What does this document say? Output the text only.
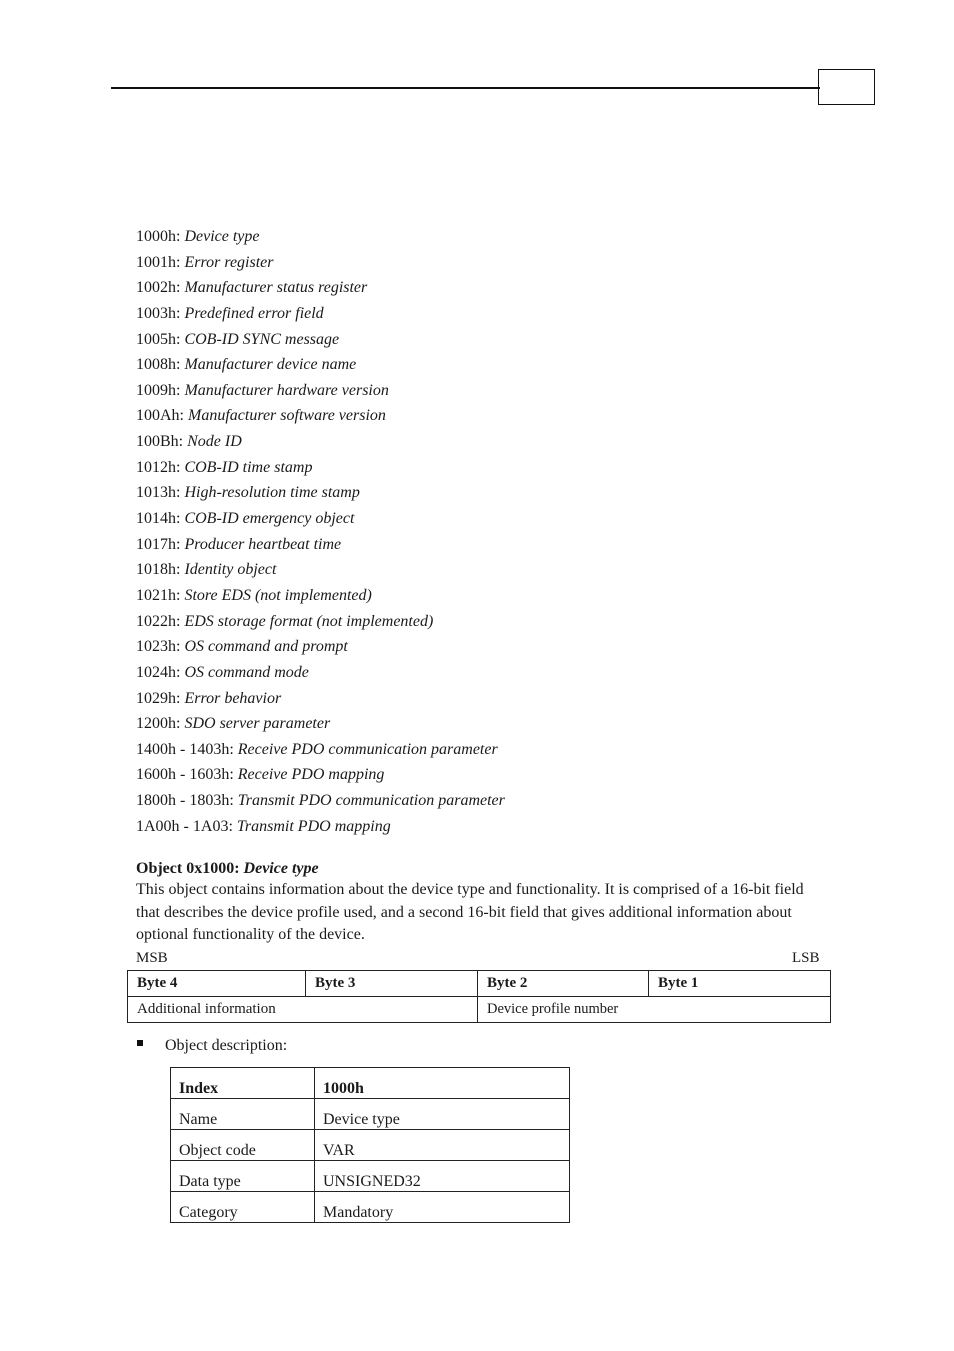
1000h: Device type
1001h: Error register
1002h: Manufacturer status register
1003h: Predefined error field
1005h: COB-ID SYNC message
1008h: Manufacturer device name
1009h: Manufacturer hardware version
100Ah: Manufacturer software version
100Bh: Node ID
1012h: COB-ID time stamp
1013h: High-resolution time stamp
1014h: COB-ID emergency object
1017h: Producer heartbeat time
1018h: Identity object
1021h: Store EDS (not implemented)
1022h: EDS storage format (not implemented)
1023h: OS command and prompt
1024h: OS command mode
1029h: Error behavior
1200h: SDO server parameter
1400h - 1403h: Receive PDO communication parameter
1600h - 1603h: Receive PDO mapping
1800h - 1803h: Transmit PDO communication parameter
1A00h - 1A03: Transmit PDO mapping
Object 0x1000: Device type

This object contains information about the device type and functionality. It is comprised of a 16-bit field that describes the device profile used, and a second 16-bit field that gives additional information about optional functionality of the device.

MSB	LSB
Byte 4	Byte 3	Byte 2	Byte 1
Additional information		Device profile number	
Object description:
Index	1000h
Name	Device type
Object code	VAR
Data type	UNSIGNED32
Category	Mandatory
